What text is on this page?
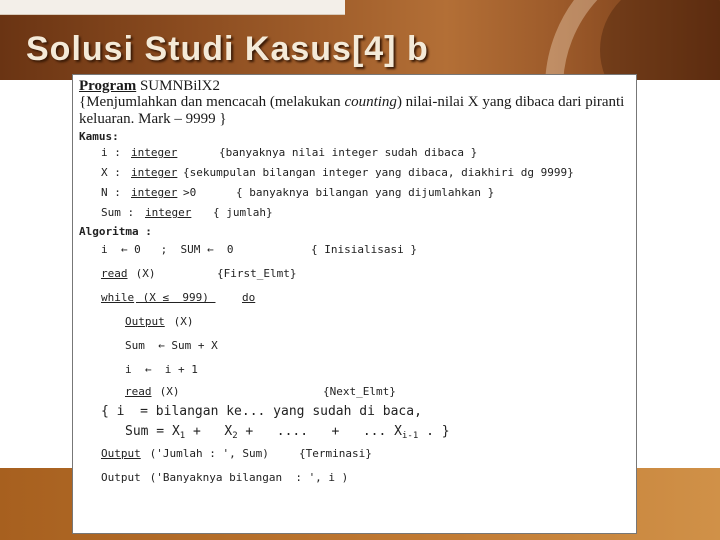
Solusi Studi Kasus[4] b

Program SUMNBilX2

{Menjumlahkan dan mencacah (melakukan counting) nilai-nilai X yang dibaca dari piranti keluaran. Mark – 9999 }

Kamus:

i : integer	{banyaknya nilai integer sudah dibaca }

X : integer {sekumpulan bilangan integer yang dibaca, diakhiri dg 9999}

N : integer >0      { banyaknya bilangan yang dijumlahkan }

Sum : integer { jumlah}

Algoritma :

i  ← 0   ;  SUM ←  0

	{ Inisialisasi }

read (X)

	{First_Elmt}

while (X ≤  999) do

Output (X)

Sum  ← Sum + X

i  ←  i + 1

read (X)

	{Next_Elmt}

{ i  = bilangan ke... yang sudah di baca,

Sum = $X_1 + X_2$ +   ....   +   ... $X_{i-1}$ . }

Output ('Jumlah : ', Sum)

	{Terminasi}

Output ('Banyaknya bilangan  : ', i )
